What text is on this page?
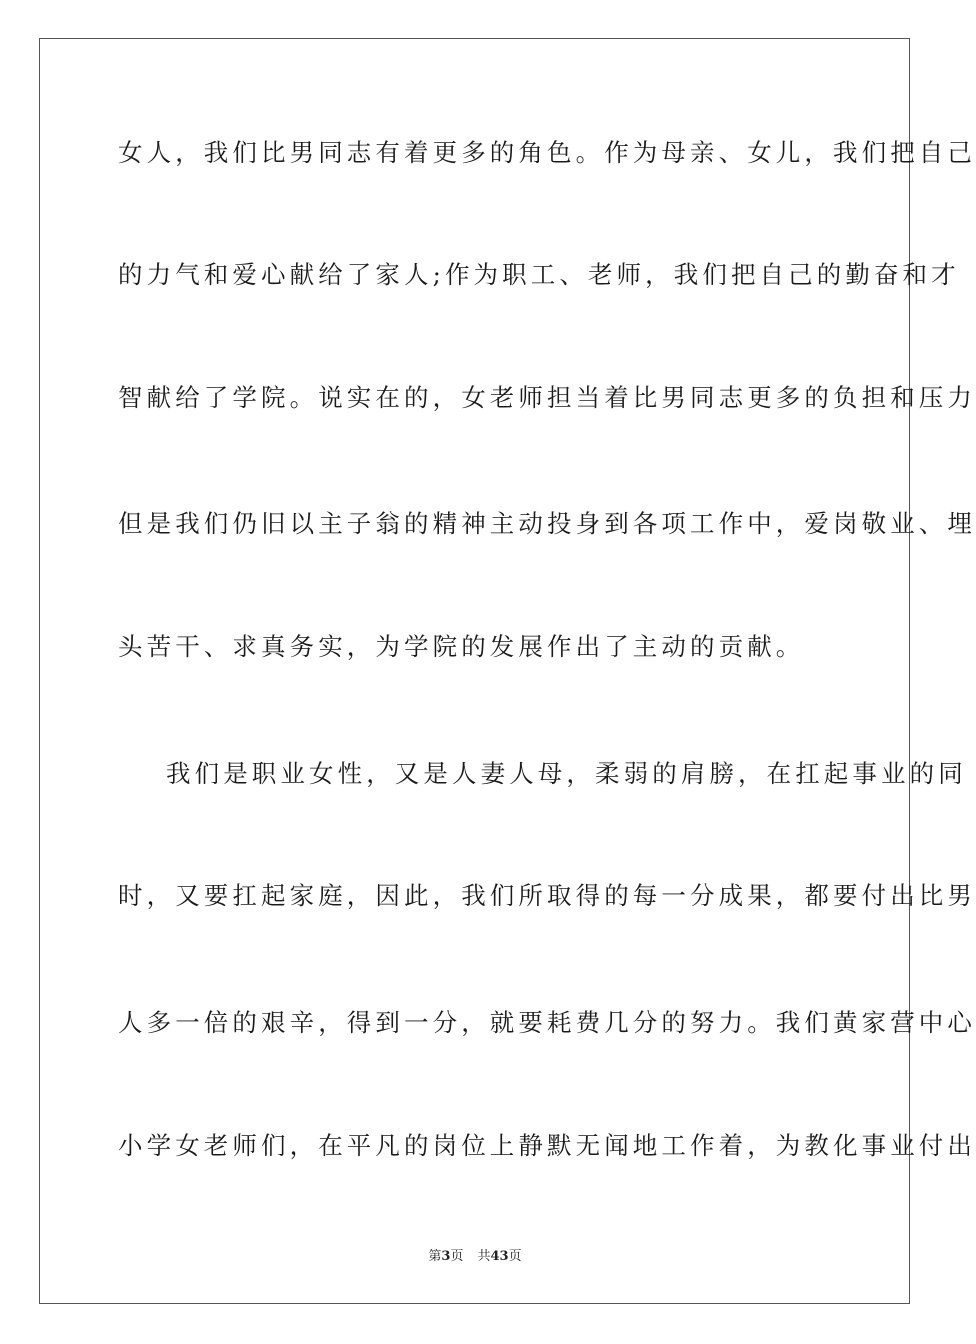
女人，我们比男同志有着更多的角色。作为母亲、女儿，我们把自己
的力气和爱心献给了家人;作为职工、老师，我们把自己的勤奋和才
智献给了学院。说实在的，女老师担当着比男同志更多的负担和压力
但是我们仍旧以主子翁的精神主动投身到各项工作中，爱岗敬业、埋
头苦干、求真务实，为学院的发展作出了主动的贡献。
我们是职业女性，又是人妻人母，柔弱的肩膀，在扛起事业的同
时，又要扛起家庭，因此，我们所取得的每一分成果，都要付出比男
人多一倍的艰辛，得到一分，就要耗费几分的努力。我们黄家营中心
小学女老师们，在平凡的岗位上静默无闻地工作着，为教化事业付出
第3页 共43页
